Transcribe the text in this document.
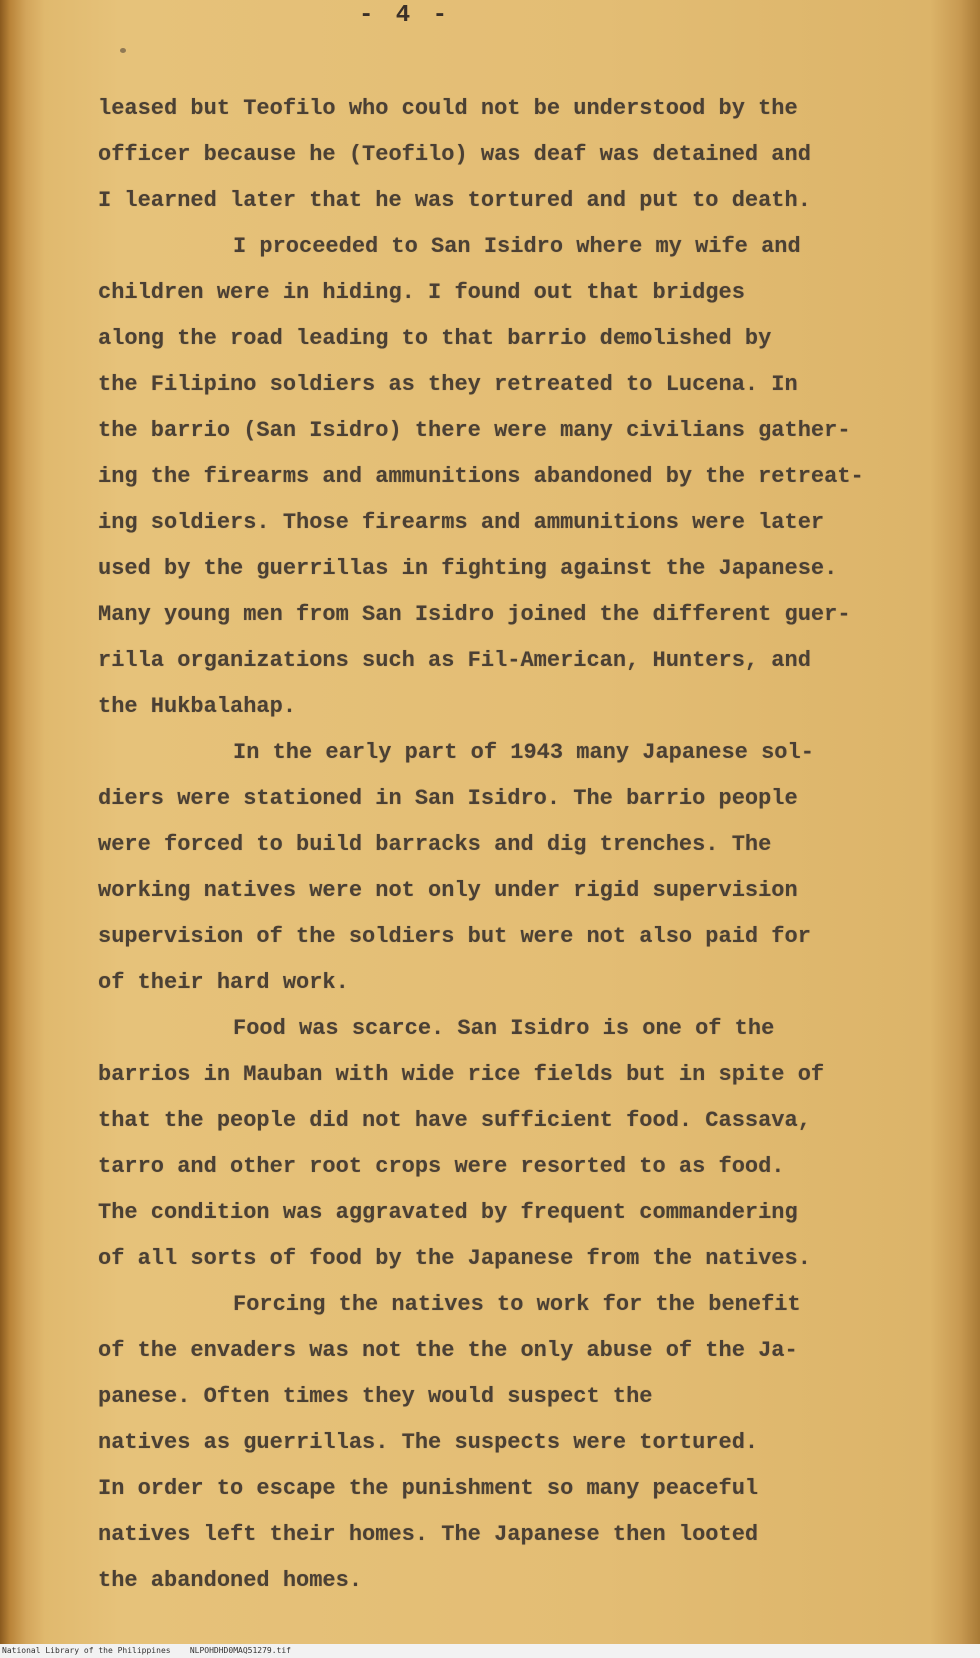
- 4 -
leased but Teofilo who could not be understood by the
officer because he (Teofilo) was deaf was detained and
I learned later that he was tortured and put to death.
I proceeded to San Isidro where my wife and
children were in hiding. I found out that bridges
along the road leading to that barrio demolished by
the Filipino soldiers as they retreated to Lucena. In
the barrio (San Isidro) there were many civilians gather-
ing the firearms and ammunitions abandoned by the retreat-
ing soldiers. Those firearms and ammunitions were later
used by the guerrillas in fighting against the Japanese.
Many young men from San Isidro joined the different guer-
rilla organizations such as Fil-American, Hunters, and
the Hukbalahap.
In the early part of 1943 many Japanese sol-
diers were stationed in San Isidro. The barrio people
were forced to build barracks and dig trenches. The
working natives were not only under rigid supervision
supervision of the soldiers but were not also paid for
of their hard work.
Food was scarce. San Isidro is one of the
barrios in Mauban with wide rice fields but in spite of
that the people did not have sufficient food. Cassava,
tarro and other root crops were resorted to as food.
The condition was aggravated by frequent commandering
of all sorts of food by the Japanese from the natives.
Forcing the natives to work for the benefit
of the envaders was not the the only abuse of the Ja-
panese. Often times they would suspect the
natives as guerrillas. The suspects were tortured.
In order to escape the punishment so many peaceful
natives left their homes. The Japanese then looted
the abandoned homes.
National Library of the Philippines    NLPOHDHD0MAQ51279.tif
